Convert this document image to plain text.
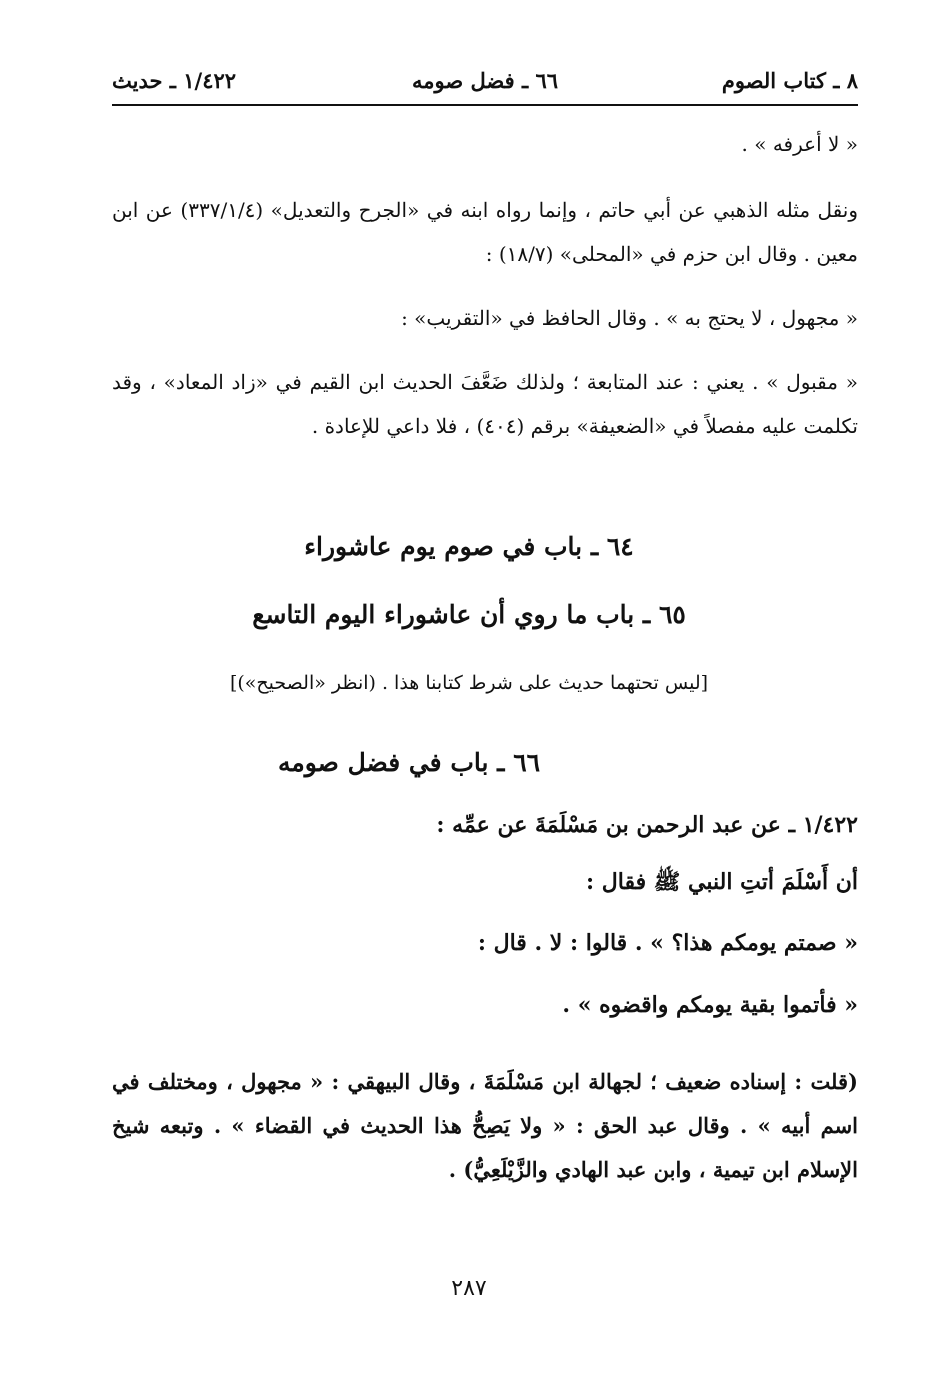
٨ ـ كتاب الصوم
٦٦ ـ فضل صومه
١/٤٢٢ ـ حديث

« لا أعرفه » .

ونقل مثله الذهبي عن أبي حاتم ، وإنما رواه ابنه في «الجرح والتعديل» (٣٣٧/١/٤) عن ابن معين . وقال ابن حزم في «المحلى» (١٨/٧) :

« مجهول ، لا يحتج به » . وقال الحافظ في «التقريب» :

« مقبول » . يعني : عند المتابعة ؛ ولذلك ضَعَّفَ الحديث ابن القيم في «زاد المعاد» ، وقد تكلمت عليه مفصلاً في «الضعيفة» برقم (٤٠٤) ، فلا داعي للإعادة .

٦٤ ـ باب في صوم يوم عاشوراء
٦٥ ـ باب ما روي أن عاشوراء اليوم التاسع
[ليس تحتهما حديث على شرط كتابنا هذا . (انظر «الصحيح»)]
٦٦ ـ باب في فضل صومه
١/٤٢٢ ـ عن عبد الرحمن بن مَسْلَمَةَ عن عمِّه :
أن أَسْلَمَ أتتِ النبي ﷺ فقال :
« صمتم يومكم هذا؟ » . قالوا : لا . قال :
« فأتموا بقية يومكم واقضوه » .
(قلت : إسناده ضعيف ؛ لجهالة ابن مَسْلَمَةَ ، وقال البيهقي : « مجهول ، ومختلف في اسم أبيه » . وقال عبد الحق : « ولا يَصِحُّ هذا الحديث في القضاء » . وتبعه شيخ الإسلام ابن تيمية ، وابن عبد الهادي والزَّيْلَعِيُّ) .
٢٨٧
